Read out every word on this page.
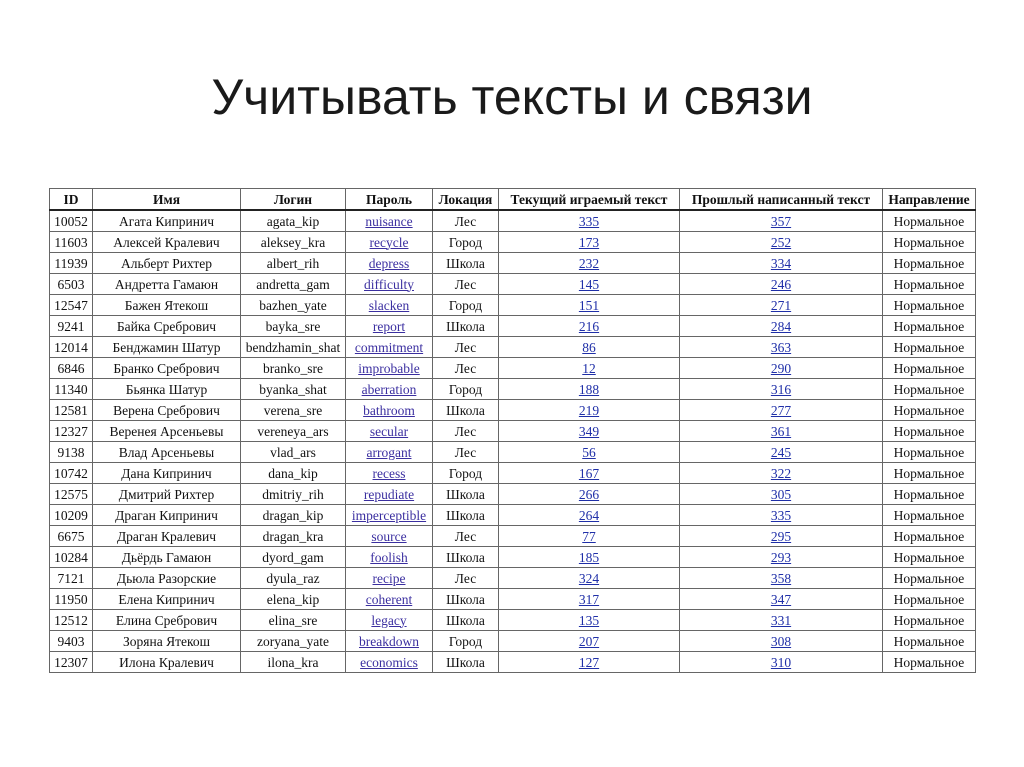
Учитывать тексты и связи
ID	Имя	Логин	Пароль	Локация	Текущий играемый текст	Прошлый написанный текст	Направление
10052	Агата Кипринич	agata_kip	nuisance	Лес	335	357	Нормальное
11603	Алексей Кралевич	aleksey_kra	recycle	Город	173	252	Нормальное
11939	Альберт Рихтер	albert_rih	depress	Школа	232	334	Нормальное
6503	Андретта Гамаюн	andretta_gam	difficulty	Лес	145	246	Нормальное
12547	Бажен Ятекош	bazhen_yate	slacken	Город	151	271	Нормальное
9241	Байка Сребрович	bayka_sre	report	Школа	216	284	Нормальное
12014	Бенджамин Шатур	bendzhamin_shat	commitment	Лес	86	363	Нормальное
6846	Бранко Сребрович	branko_sre	improbable	Лес	12	290	Нормальное
11340	Бьянка Шатур	byanka_shat	aberration	Город	188	316	Нормальное
12581	Верена Сребрович	verena_sre	bathroom	Школа	219	277	Нормальное
12327	Веренея Арсеньевы	vereneya_ars	secular	Лес	349	361	Нормальное
9138	Влад Арсеньевы	vlad_ars	arrogant	Лес	56	245	Нормальное
10742	Дана Кипринич	dana_kip	recess	Город	167	322	Нормальное
12575	Дмитрий Рихтер	dmitriy_rih	repudiate	Школа	266	305	Нормальное
10209	Драган Кипринич	dragan_kip	imperceptible	Школа	264	335	Нормальное
6675	Драган Кралевич	dragan_kra	source	Лес	77	295	Нормальное
10284	Дьёрдь Гамаюн	dyord_gam	foolish	Школа	185	293	Нормальное
7121	Дьюла Разорские	dyula_raz	recipe	Лес	324	358	Нормальное
11950	Елена Кипринич	elena_kip	coherent	Школа	317	347	Нормальное
12512	Елина Сребрович	elina_sre	legacy	Школа	135	331	Нормальное
9403	Зоряна Ятекош	zoryana_yate	breakdown	Город	207	308	Нормальное
12307	Илона Кралевич	ilona_kra	economics	Школа	127	310	Нормальное
